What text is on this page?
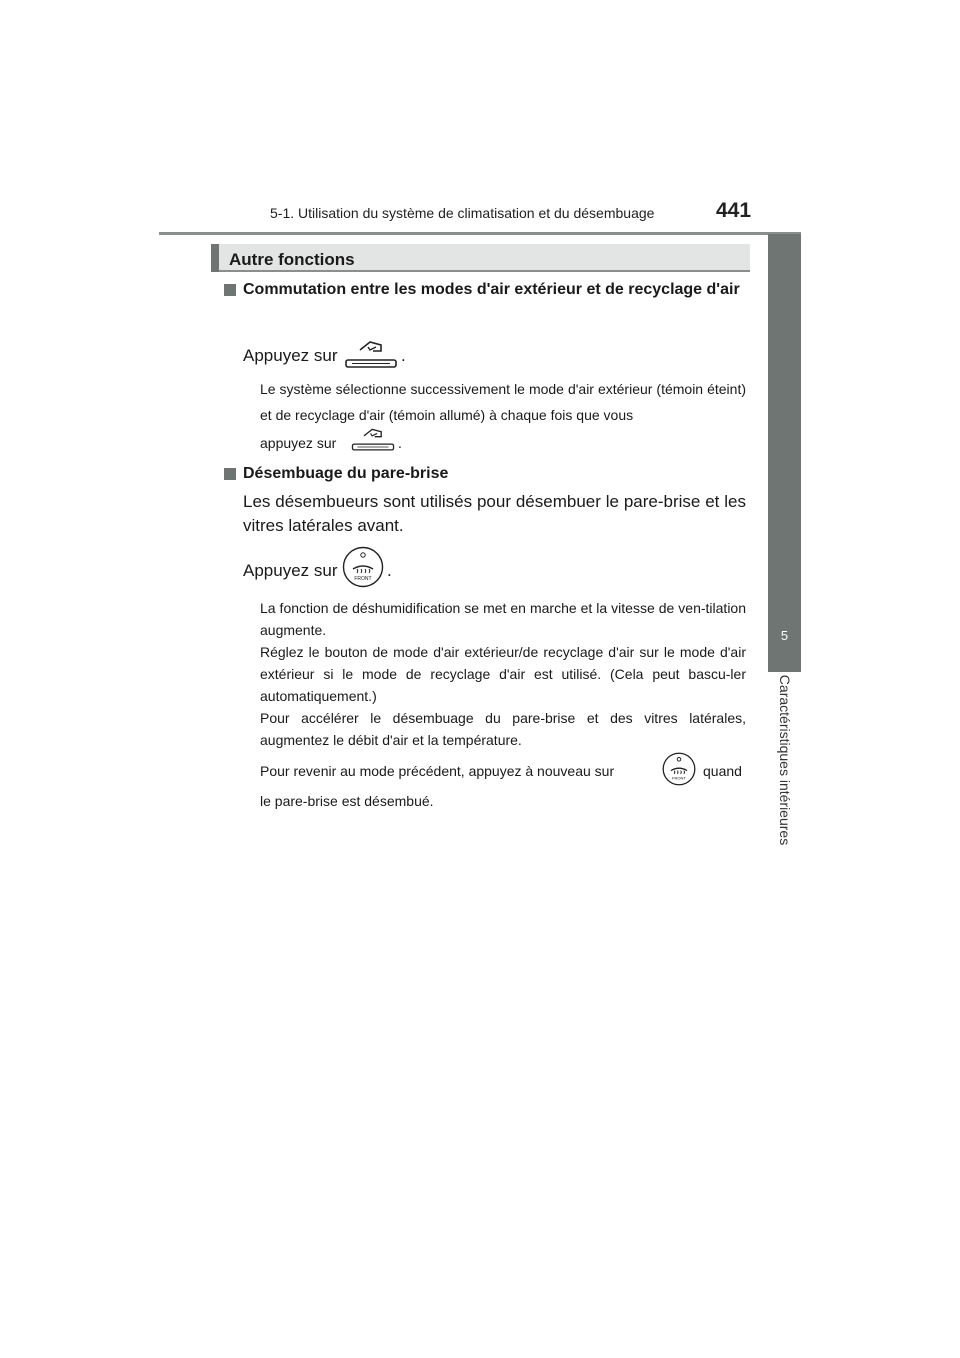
5-1. Utilisation du système de climatisation et du désembuage	441
5
Caractéristiques intérieures
Autre fonctions
Commutation entre les modes d'air extérieur et de recyclage d'air
Appuyez sur	.
Le système sélectionne successivement le mode d'air extérieur (témoin éteint) et de recyclage d'air (témoin allumé) à chaque fois que vous
appuyez sur	.
Désembuage du pare-brise
Les désembueurs sont utilisés pour désembuer le pare-brise et les vitres latérales avant.
Appuyez sur	FRONT .
La fonction de déshumidification se met en marche et la vitesse de ven-tilation augmente.
Réglez le bouton de mode d'air extérieur/de recyclage d'air sur le mode d'air extérieur si le mode de recyclage d'air est utilisé. (Cela peut bascu-ler automatiquement.)
Pour accélérer le désembuage du pare-brise et des vitres latérales, augmentez le débit d'air et la température.
Pour revenir au mode précédent, appuyez à nouveau sur	FRONT quand
le pare-brise est désembué.
